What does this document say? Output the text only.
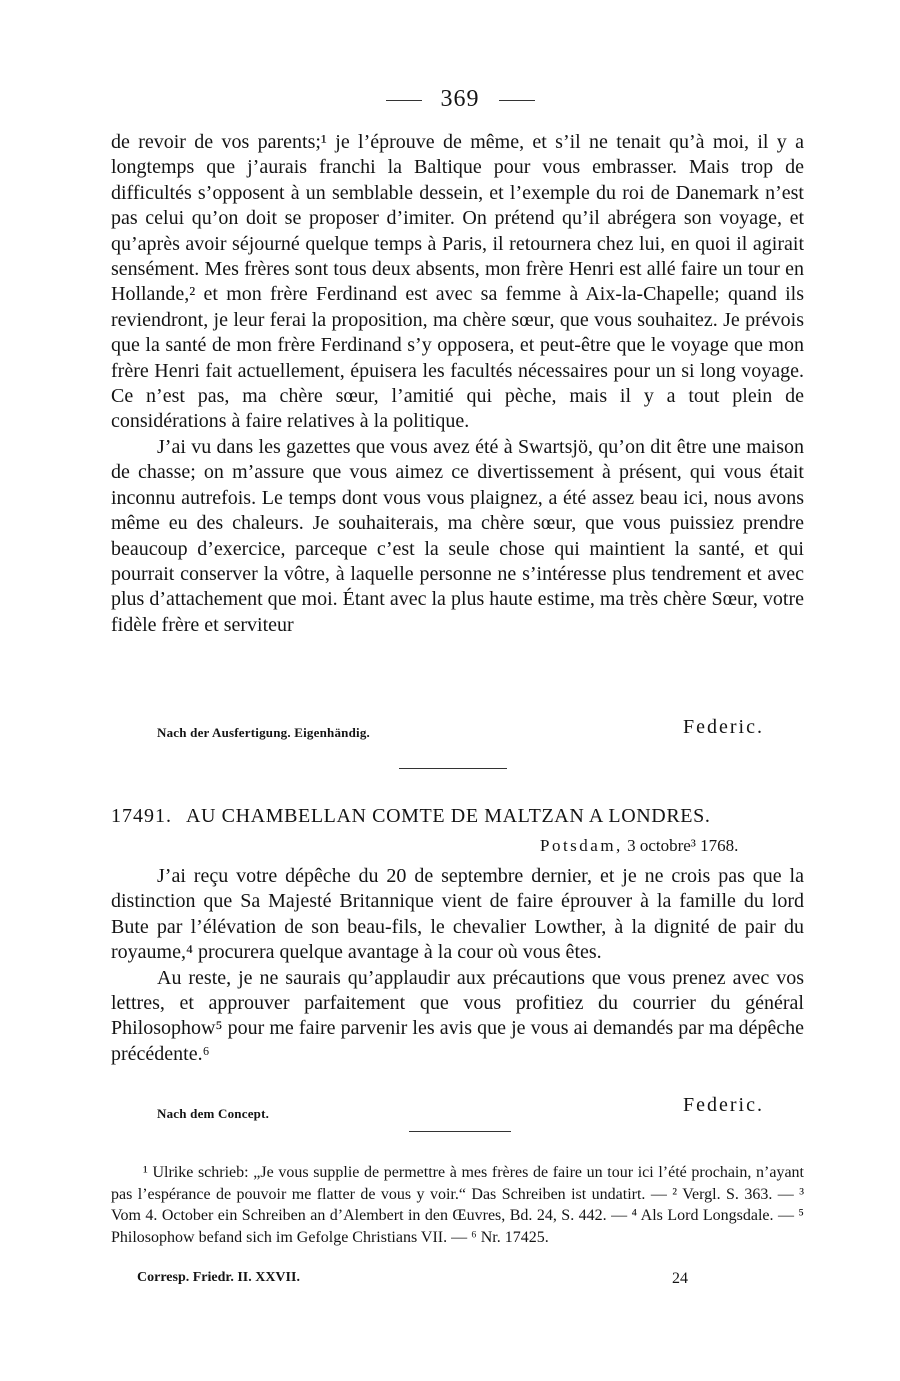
369

de revoir de vos parents;¹ je l’éprouve de même, et s’il ne tenait qu’à moi, il y a longtemps que j’aurais franchi la Baltique pour vous embrasser. Mais trop de difficultés s’opposent à un semblable dessein, et l’exemple du roi de Danemark n’est pas celui qu’on doit se proposer d’imiter. On prétend qu’il abrégera son voyage, et qu’après avoir séjourné quelque temps à Paris, il retournera chez lui, en quoi il agirait sensément. Mes frères sont tous deux absents, mon frère Henri est allé faire un tour en Hollande,² et mon frère Ferdinand est avec sa femme à Aix-la-Chapelle; quand ils reviendront, je leur ferai la proposition, ma chère sœur, que vous souhaitez. Je prévois que la santé de mon frère Ferdinand s’y opposera, et peut-être que le voyage que mon frère Henri fait actuellement, épuisera les facultés nécessaires pour un si long voyage. Ce n’est pas, ma chère sœur, l’amitié qui pèche, mais il y a tout plein de considérations à faire relatives à la politique.

J’ai vu dans les gazettes que vous avez été à Swartsjö, qu’on dit être une maison de chasse; on m’assure que vous aimez ce divertissement à présent, qui vous était inconnu autrefois. Le temps dont vous vous plaignez, a été assez beau ici, nous avons même eu des chaleurs. Je souhaiterais, ma chère sœur, que vous puissiez prendre beaucoup d’exercice, parceque c’est la seule chose qui maintient la santé, et qui pourrait conserver la vôtre, à laquelle personne ne s’intéresse plus tendrement et avec plus d’attachement que moi. Étant avec la plus haute estime, ma très chère Sœur, votre fidèle frère et serviteur

Nach der Ausfertigung. Eigenhändig.	Federic.
17491. AU CHAMBELLAN COMTE DE MALTZAN A LONDRES.
Potsdam, 3 octobre³ 1768.

J’ai reçu votre dépêche du 20 de septembre dernier, et je ne crois pas que la distinction que Sa Majesté Britannique vient de faire éprouver à la famille du lord Bute par l’élévation de son beau-fils, le chevalier Lowther, à la dignité de pair du royaume,⁴ procurera quelque avantage à la cour où vous êtes.

Au reste, je ne saurais qu’applaudir aux précautions que vous prenez avec vos lettres, et approuver parfaitement que vous profitiez du courrier du général Philosophow⁵ pour me faire parvenir les avis que je vous ai demandés par ma dépêche précédente.⁶

Nach dem Concept.	Federic.

¹ Ulrike schrieb: „Je vous supplie de permettre à mes frères de faire un tour ici l’été prochain, n’ayant pas l’espérance de pouvoir me flatter de vous y voir.“ Das Schreiben ist undatirt. — ² Vergl. S. 363. — ³ Vom 4. October ein Schreiben an d’Alembert in den Œuvres, Bd. 24, S. 442. — ⁴ Als Lord Longsdale. — ⁵ Philosophow befand sich im Gefolge Christians VII. — ⁶ Nr. 17425.

Corresp. Friedr. II. XXVII.	24
